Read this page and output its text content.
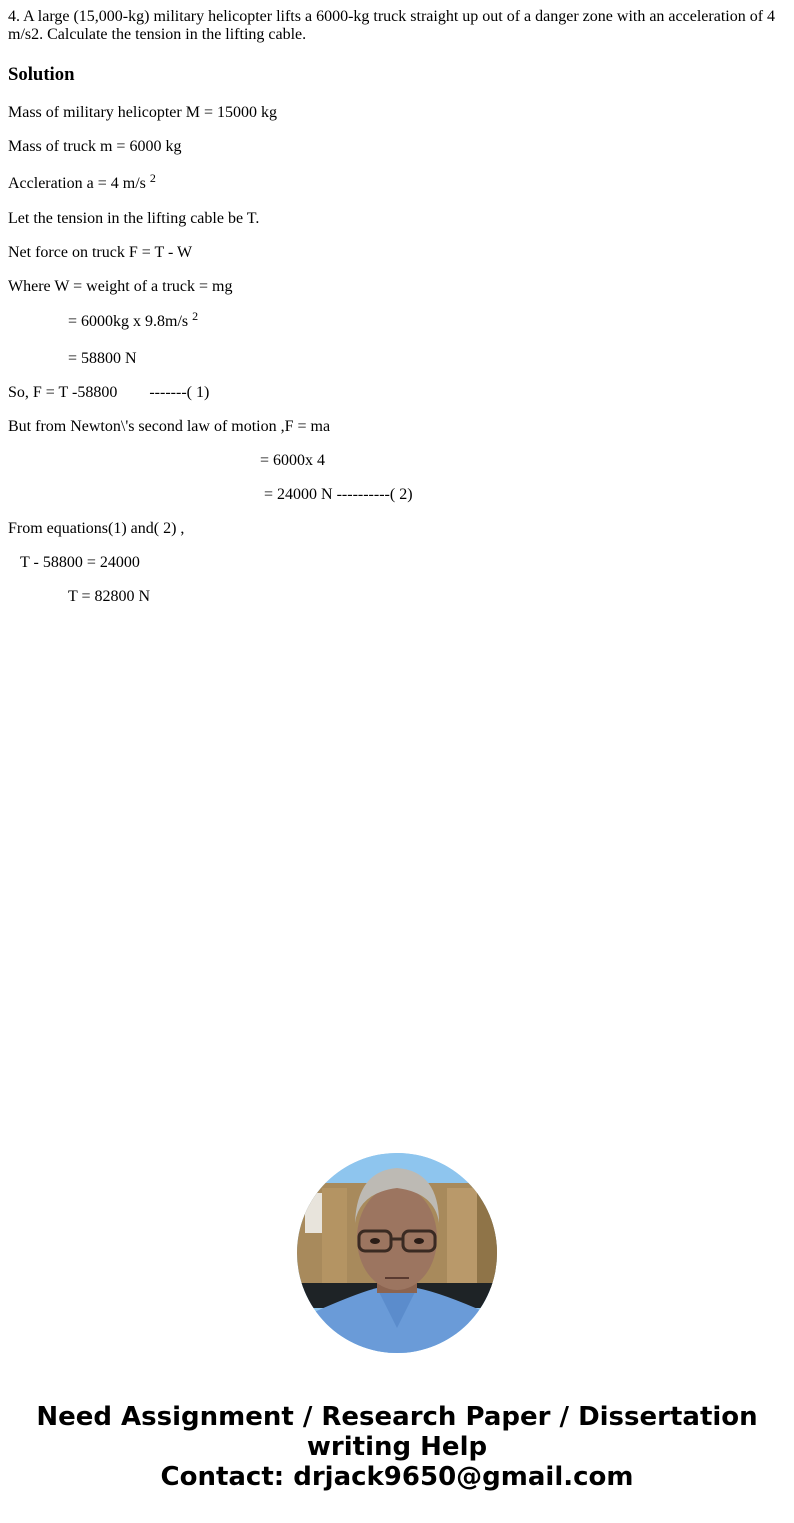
4. A large (15,000-kg) military helicopter lifts a 6000-kg truck straight up out of a danger zone with an acceleration of 4 m/s2. Calculate the tension in the lifting cable.

Solution

Mass of military helicopter M = 15000 kg

Mass of truck m = 6000 kg

Accleration a = 4 m/s $^2$

Let the tension in the lifting cable be T.

Net force on truck F = T - W

Where W = weight of a truck = mg

= 6000kg x 9.8m/s $^2$

= 58800 N

So, F = T -58800        -------( 1)

But from Newton\'s second law of motion ,F = ma

= 6000x 4

= 24000 N ----------( 2)

From equations(1) and( 2) ,

T - 58800 = 24000

T = 82800 N

Need Assignment / Research Paper / Dissertation
writing Help
Contact: drjack9650@gmail.com
